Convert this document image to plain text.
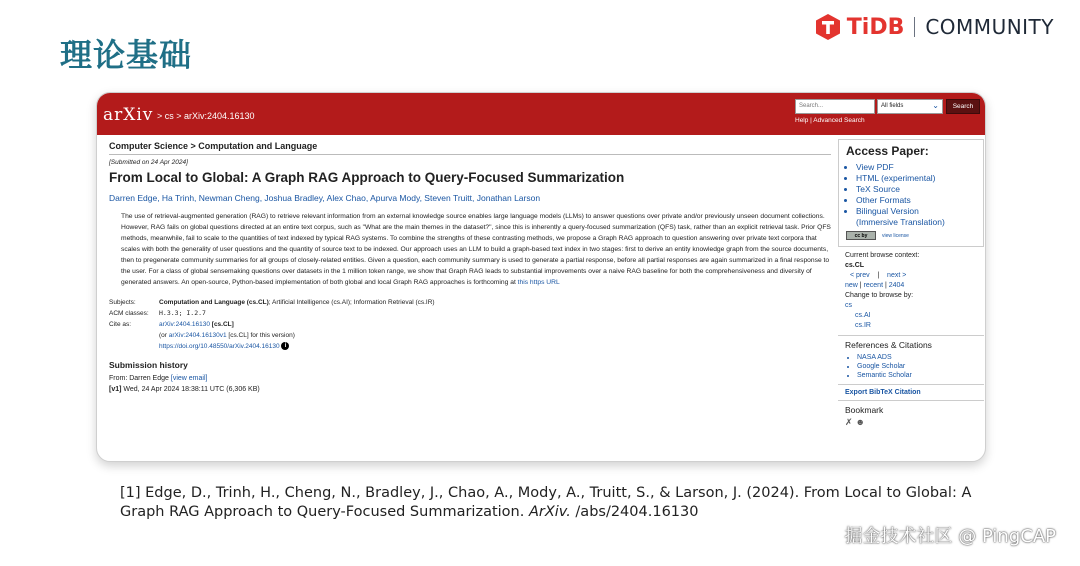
理论基础
TiDB COMMUNITY
arXiv > cs > arXiv:2404.16130
Search...	All fields	⌄	Search
Help | Advanced Search
Computer Science > Computation and Language
[Submitted on 24 Apr 2024]
From Local to Global: A Graph RAG Approach to Query-Focused Summarization
Darren Edge, Ha Trinh, Newman Cheng, Joshua Bradley, Alex Chao, Apurva Mody, Steven Truitt, Jonathan Larson
The use of retrieval-augmented generation (RAG) to retrieve relevant information from an external knowledge source enables large language models (LLMs) to answer questions over private and/or previously unseen document collections. However, RAG fails on global questions directed at an entire text corpus, such as "What are the main themes in the dataset?", since this is inherently a query-focused summarization (QFS) task, rather than an explicit retrieval task. Prior QFS methods, meanwhile, fail to scale to the quantities of text indexed by typical RAG systems. To combine the strengths of these contrasting methods, we propose a Graph RAG approach to question answering over private text corpora that scales with both the generality of user questions and the quantity of source text to be indexed. Our approach uses an LLM to build a graph-based text index in two stages: first to derive an entity knowledge graph from the source documents, then to pregenerate community summaries for all groups of closely-related entities. Given a question, each community summary is used to generate a partial response, before all partial responses are again summarized in a final response to the user. For a class of global sensemaking questions over datasets in the 1 million token range, we show that Graph RAG leads to substantial improvements over a naive RAG baseline for both the comprehensiveness and diversity of generated answers. An open-source, Python-based implementation of both global and local Graph RAG approaches is forthcoming at this https URL
Subjects:	Computation and Language (cs.CL); Artificial Intelligence (cs.AI); Information Retrieval (cs.IR)
ACM classes:	H.3.3; I.2.7
Cite as:	arXiv:2404.16130 [cs.CL]
(or arXiv:2404.16130v1 [cs.CL] for this version)
https://doi.org/10.48550/arXiv.2404.16130 i
Submission history
From: Darren Edge [view email]
[v1] Wed, 24 Apr 2024 18:38:11 UTC (6,306 KB)
Access Paper:
• View PDF
• HTML (experimental)
• TeX Source
• Other Formats
• Bilingual Version
(Immersive Translation)
cc by	view license
Current browse context:
cs.CL
< prev | next >
new | recent | 2404
Change to browse by:
cs
cs.AI
cs.IR
References & Citations
• NASA ADS
• Google Scholar
• Semantic Scholar
Export BibTeX Citation
Bookmark
✗☻
[1] Edge, D., Trinh, H., Cheng, N., Bradley, J., Chao, A., Mody, A., Truitt, S., & Larson, J. (2024). From Local to Global: A Graph RAG Approach to Query-Focused Summarization. ArXiv. /abs/2404.16130
掘金技术社区 @ PingCAP
